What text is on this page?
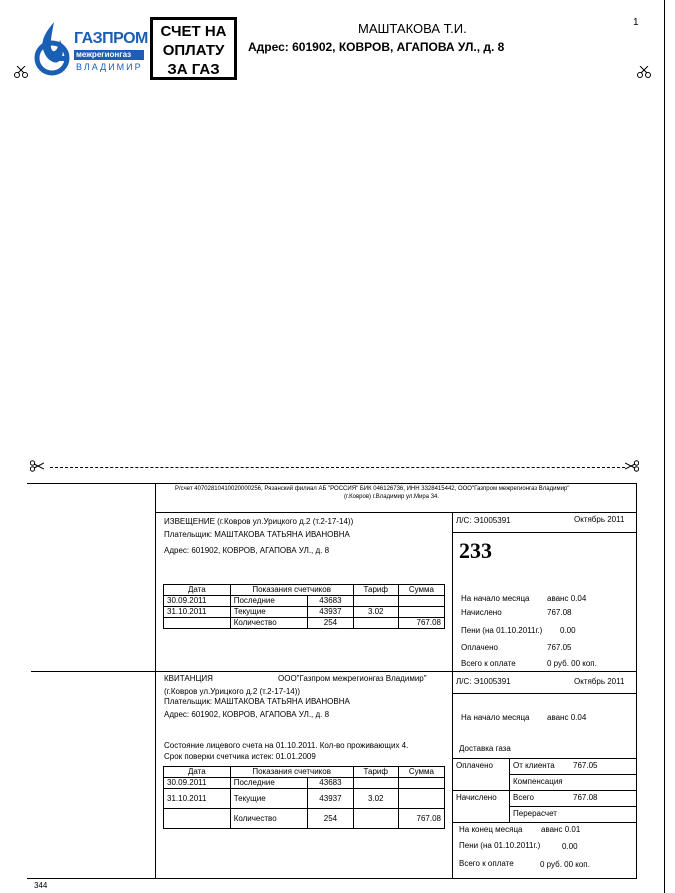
1
ГАЗПРОМ
межрегионгаз
ВЛАДИМИР
СЧЕТ НА
ОПЛАТУ
ЗА ГАЗ
МАШТАКОВА Т.И.
Адрес: 601902, КОВРОВ, АГАПОВА УЛ., д. 8
Р/счет 40702810410020000256, Рязанский филиал АБ "РОССИЯ" БИК 046126736, ИНН 3328415442, ООО"Газпром межрегионгаз Владимир"
(г.Ковров) г.Владимир ул.Мира 34.
ИЗВЕЩЕНИЕ (г.Ковров ул.Урицкого д.2 (т.2-17-14))
Плательщик: МАШТАКОВА ТАТЬЯНА ИВАНОВНА
Адрес: 601902, КОВРОВ, АГАПОВА УЛ., д. 8
Дата	Показания счетчиков		Тариф	Сумма
30.09.2011	Последние	43683		
31.10.2011	Текущие	43937	3.02	
	Количество	254		767.08
Л/С: Э1005391	Октябрь 2011
233
На начало месяца аванс 0.04
Начислено	767.08
Пени (на 01.10.2011г.) 0.00
Оплачено	767.05
Всего к оплате	0 руб. 00 коп.
КВИТАНЦИЯ	ООО"Газпром межрегионгаз Владимир"
(г.Ковров ул.Урицкого д.2 (т.2-17-14))
Плательщик: МАШТАКОВА ТАТЬЯНА ИВАНОВНА
Адрес: 601902, КОВРОВ, АГАПОВА УЛ., д. 8
Состояние лицевого счета на 01.10.2011. Кол-во проживающих 4.
Срок поверки счетчика истек: 01.01.2009
Дата	Показания счетчиков		Тариф	Сумма
30.09.2011	Последние	43683		
31.10.2011	Текущие	43937	3.02	
	Количество	254		767.08
Л/С: Э1005391	Октябрь 2011
На начало месяца аванс 0.04
Доставка газа
Оплачено	От клиента 767.05
Компенсация
Начислено Всего	767.08
Перерасчет
На конец месяца аванс 0.01
Пени (на 01.10.2011г.)	0.00
Всего к оплате	0 руб. 00 коп.
344
